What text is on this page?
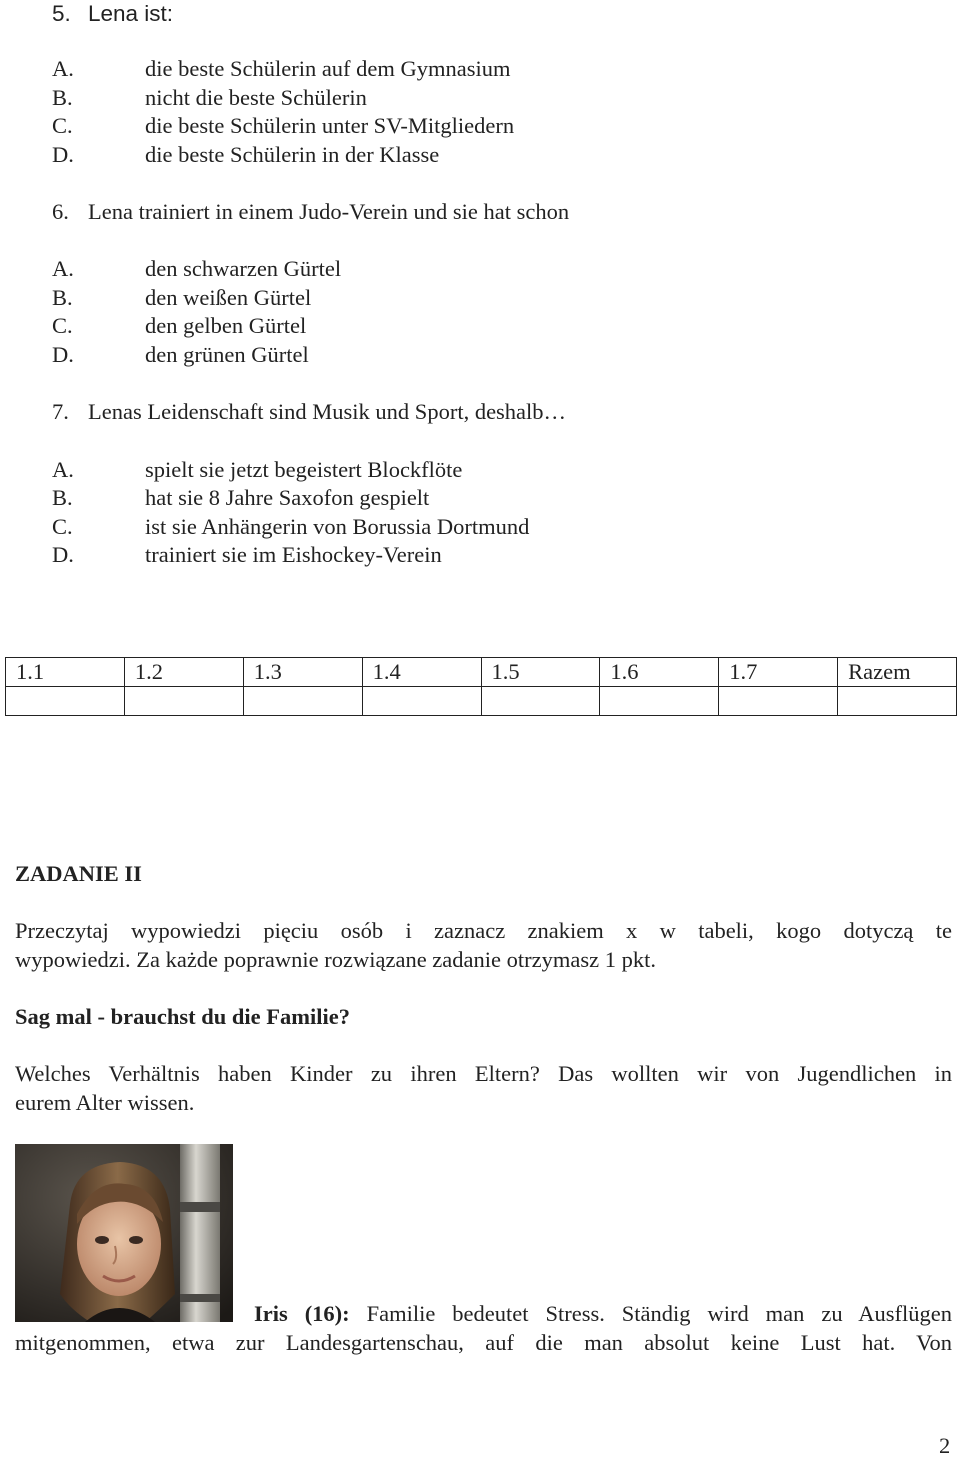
5. Lena ist:
A.	die beste Schülerin auf dem Gymnasium
B.	nicht die beste Schülerin
C.	die beste Schülerin unter SV-Mitgliedern
D.	die beste Schülerin in der Klasse
6. Lena trainiert in einem Judo-Verein und sie hat schon
A.	den schwarzen Gürtel
B.	den weißen Gürtel
C.	den gelben Gürtel
D.	den grünen Gürtel
7. Lenas Leidenschaft sind Musik und Sport, deshalb…
A.	spielt sie jetzt begeistert Blockflöte
B.	hat sie 8 Jahre Saxofon gespielt
C.	ist sie Anhängerin von Borussia Dortmund
D.	trainiert sie im Eishockey-Verein
1.1	1.2	1.3	1.4	1.5	1.6	1.7	Razem

ZADANIE II
Przeczytaj wypowiedzi pięciu osób i zaznacz znakiem x w tabeli, kogo dotyczą te
wypowiedzi. Za każde poprawnie rozwiązane zadanie otrzymasz 1 pkt.
Sag mal - brauchst du die Familie?
Welches Verhältnis haben Kinder zu ihren Eltern? Das wollten wir von Jugendlichen in
eurem Alter wissen.
Iris (16): Familie bedeutet Stress. Ständig wird man zu Ausflügen
mitgenommen, etwa zur Landesgartenschau, auf die man absolut keine Lust hat. Von
2
